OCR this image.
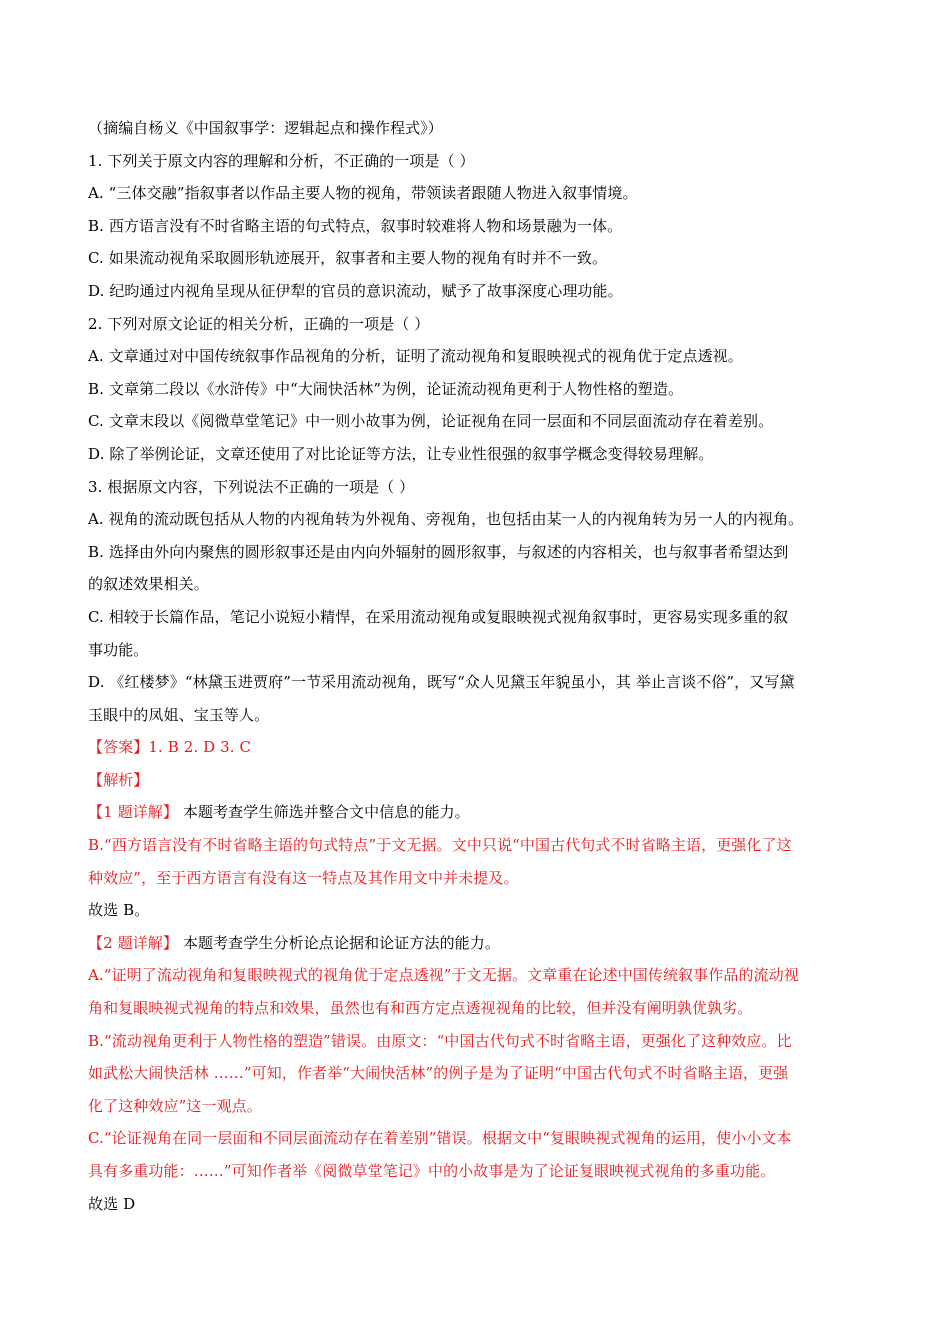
（摘编自杨义《中国叙事学：逻辑起点和操作程式》）
1. 下列关于原文内容的理解和分析，不正确的一项是（ ）
A. “三体交融”指叙事者以作品主要人物的视角，带领读者跟随人物进入叙事情境。
B. 西方语言没有不时省略主语的句式特点，叙事时较难将人物和场景融为一体。
C. 如果流动视角采取圆形轨迹展开，叙事者和主要人物的视角有时并不一致。
D. 纪昀通过内视角呈现从征伊犁的官员的意识流动，赋予了故事深度心理功能。
2. 下列对原文论证的相关分析，正确的一项是（ ）
A. 文章通过对中国传统叙事作品视角的分析，证明了流动视角和复眼映视式的视角优于定点透视。
B. 文章第二段以《水浒传》中“大闹快活林”为例，论证流动视角更利于人物性格的塑造。
C. 文章末段以《阅微草堂笔记》中一则小故事为例，论证视角在同一层面和不同层面流动存在着差别。
D. 除了举例论证，文章还使用了对比论证等方法，让专业性很强的叙事学概念变得较易理解。
3. 根据原文内容，下列说法不正确的一项是（ ）
A. 视角的流动既包括从人物的内视角转为外视角、旁视角，也包括由某一人的内视角转为另一人的内视角。
B. 选择由外向内聚焦的圆形叙事还是由内向外辐射的圆形叙事，与叙述的内容相关，也与叙事者希望达到
的叙述效果相关。
C. 相较于长篇作品，笔记小说短小精悍，在采用流动视角或复眼映视式视角叙事时，更容易实现多重的叙
事功能。
D. 《红楼梦》“林黛玉进贾府”一节采用流动视角，既写“众人见黛玉年貌虽小，其 举止言谈不俗”，又写黛
玉眼中的凤姐、宝玉等人。
【答案】1. B 2. D 3. C
【解析】
【1 题详解】 本题考查学生筛选并整合文中信息的能力。
B.“西方语言没有不时省略主语的句式特点”于文无据。文中只说“中国古代句式不时省略主语，更强化了这
种效应”，至于西方语言有没有这一特点及其作用文中并未提及。
故选 B。
【2 题详解】 本题考查学生分析论点论据和论证方法的能力。
A.“证明了流动视角和复眼映视式的视角优于定点透视”于文无据。文章重在论述中国传统叙事作品的流动视
角和复眼映视式视角的特点和效果，虽然也有和西方定点透视视角的比较，但并没有阐明孰优孰劣。
B.“流动视角更利于人物性格的塑造”错误。由原文：“中国古代句式不时省略主语，更强化了这种效应。比
如武松大闹快活林 ……”可知，作者举“大闹快活林”的例子是为了证明“中国古代句式不时省略主语，更强
化了这种效应”这一观点。
C.“论证视角在同一层面和不同层面流动存在着差别”错误。根据文中“复眼映视式视角的运用，使小小文本
具有多重功能：……”可知作者举《阅微草堂笔记》中的小故事是为了论证复眼映视式视角的多重功能。
故选 D
